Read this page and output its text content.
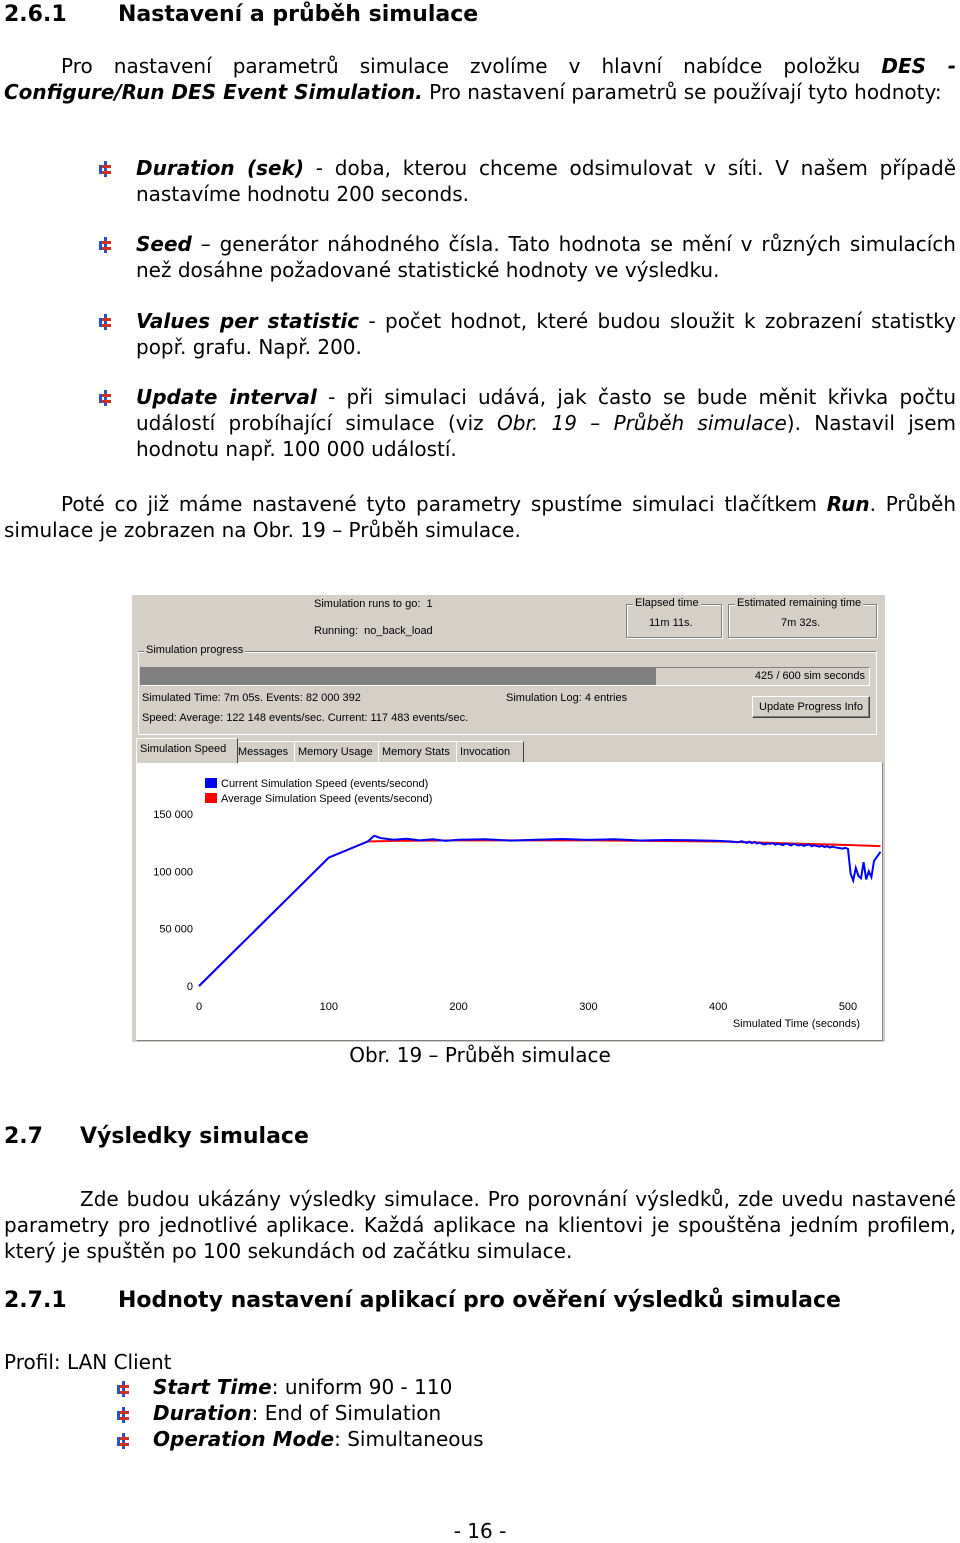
2.6.1 Nastavení a průběh simulace
Pro nastavení parametrů simulace zvolíme v hlavní nabídce položku DES - Configure/Run DES Event Simulation. Pro nastavení parametrů se používají tyto hodnoty:
Duration (sek) - doba, kterou chceme odsimulovat v síti. V našem případě nastavíme hodnotu 200 seconds.
Seed – generátor náhodného čísla. Tato hodnota se mění v různých simulacích než dosáhne požadované statistické hodnoty ve výsledku.
Values per statistic - počet hodnot, které budou sloužit k zobrazení statistky popř. grafu. Např. 200.
Update interval - při simulaci udává, jak často se bude měnit křivka počtu událostí probíhající simulace (viz Obr. 19 – Průběh simulace). Nastavil jsem hodnotu např. 100 000 událostí.
Poté co již máme nastavené tyto parametry spustíme simulaci tlačítkem Run. Průběh simulace je zobrazen na Obr. 19 – Průběh simulace.
Simulation runs to go: 1
Running: no_back_load
Elapsed time
11m 11s.
Estimated remaining time
7m 32s.
Simulation progress
425 / 600 sim seconds
Simulated Time: 7m 05s. Events: 82 000 392
Speed: Average: 122 148 events/sec. Current: 117 483 events/sec.
Simulation Log: 4 entries
Update Progress Info
Simulation Speed	Messages Memory Usage Memory Stats Invocation
Current Simulation Speed (events/second)
Average Simulation Speed (events/second)
0
50 000
100 000
150 000
0	100	200	300	400	500
Simulated Time (seconds)
Obr. 19 – Průběh simulace
2.7 Výsledky simulace
Zde budou ukázány výsledky simulace. Pro porovnání výsledků, zde uvedu nastavené parametry pro jednotlivé aplikace. Každá aplikace na klientovi je spouštěna jedním profilem, který je spuštěn po 100 sekundách od začátku simulace.
2.7.1 Hodnoty nastavení aplikací pro ověření výsledků simulace
Profil: LAN Client
Start Time: uniform 90 - 110
Duration: End of Simulation
Operation Mode: Simultaneous
- 16 -
